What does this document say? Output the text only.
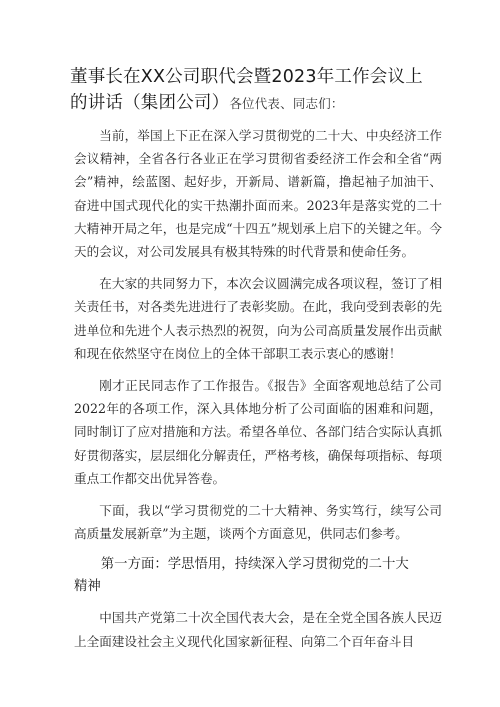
董事长在XX公司职代会暨2023年工作会议上
的讲话（集团公司）各位代表、同志们：

当前，举国上下正在深入学习贯彻党的二十大、中央经济工作会议精神，全省各行各业正在学习贯彻省委经济工作会和全省“两会”精神，绘蓝图、起好步，开新局、谱新篇，撸起袖子加油干、奋进中国式现代化的实干热潮扑面而来。2023年是落实党的二十大精神开局之年，也是完成“十四五”规划承上启下的关键之年。今天的会议，对公司发展具有极其特殊的时代背景和使命任务。

在大家的共同努力下，本次会议圆满完成各项议程，签订了相关责任书，对各类先进进行了表彰奖励。在此，我向受到表彰的先进单位和先进个人表示热烈的祝贺，向为公司高质量发展作出贡献和现在依然坚守在岗位上的全体干部职工表示衷心的感谢！

刚才正民同志作了工作报告。《报告》全面客观地总结了公司2022年的各项工作，深入具体地分析了公司面临的困难和问题，同时制订了应对措施和方法。希望各单位、各部门结合实际认真抓好贯彻落实，层层细化分解责任，严格考核，确保每项指标、每项重点工作都交出优异答卷。

下面，我以“学习贯彻党的二十大精神、务实笃行，续写公司高质量发展新章”为主题，谈两个方面意见，供同志们参考。

第一方面：学思悟用，持续深入学习贯彻党的二十大
精神

中国共产党第二十次全国代表大会，是在全党全国各族人民迈上全面建设社会主义现代化国家新征程、向第二个百年奋斗目
